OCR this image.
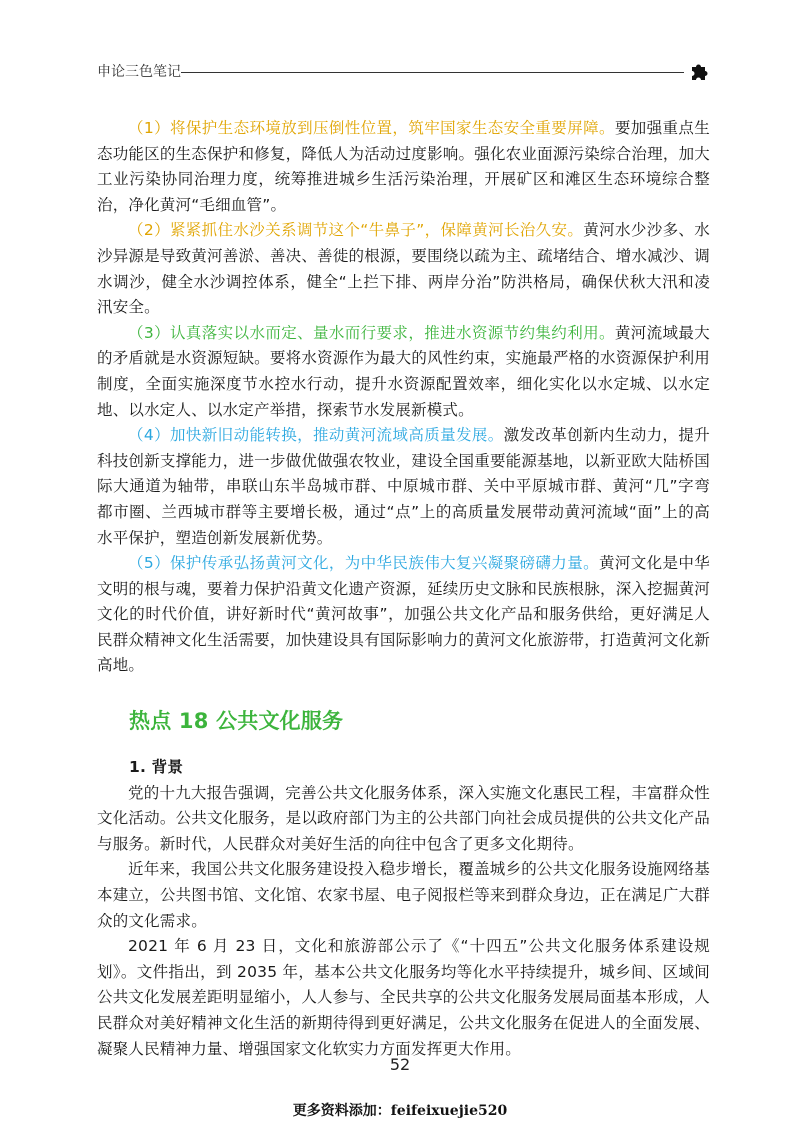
申论三色笔记

（1）将保护生态环境放到压倒性位置，筑牢国家生态安全重要屏障。要加强重点生态功能区的生态保护和修复，降低人为活动过度影响。强化农业面源污染综合治理，加大工业污染协同治理力度，统筹推进城乡生活污染治理，开展矿区和滩区生态环境综合整治，净化黄河“毛细血管”。

（2）紧紧抓住水沙关系调节这个“牛鼻子”，保障黄河长治久安。黄河水少沙多、水沙异源是导致黄河善淤、善决、善徙的根源，要围绕以疏为主、疏堵结合、增水减沙、调水调沙，健全水沙调控体系，健全“上拦下排、两岸分治”防洪格局，确保伏秋大汛和凌汛安全。

（3）认真落实以水而定、量水而行要求，推进水资源节约集约利用。黄河流域最大的矛盾就是水资源短缺。要将水资源作为最大的风性约束，实施最严格的水资源保护利用制度，全面实施深度节水控水行动，提升水资源配置效率，细化实化以水定城、以水定地、以水定人、以水定产举措，探索节水发展新模式。

（4）加快新旧动能转换，推动黄河流域高质量发展。激发改革创新内生动力，提升科技创新支撑能力，进一步做优做强农牧业，建设全国重要能源基地，以新亚欧大陆桥国际大通道为轴带，串联山东半岛城市群、中原城市群、关中平原城市群、黄河“几”字弯都市圈、兰西城市群等主要增长极，通过“点”上的高质量发展带动黄河流域“面”上的高水平保护，塑造创新发展新优势。

（5）保护传承弘扬黄河文化，为中华民族伟大复兴凝聚磅礴力量。黄河文化是中华文明的根与魂，要着力保护沿黄文化遗产资源，延续历史文脉和民族根脉，深入挖掘黄河文化的时代价值，讲好新时代“黄河故事”，加强公共文化产品和服务供给，更好满足人民群众精神文化生活需要，加快建设具有国际影响力的黄河文化旅游带，打造黄河文化新高地。

热点 18 公共文化服务

1. 背景

党的十九大报告强调，完善公共文化服务体系，深入实施文化惠民工程，丰富群众性文化活动。公共文化服务，是以政府部门为主的公共部门向社会成员提供的公共文化产品与服务。新时代，人民群众对美好生活的向往中包含了更多文化期待。

近年来，我国公共文化服务建设投入稳步增长，覆盖城乡的公共文化服务设施网络基本建立，公共图书馆、文化馆、农家书屋、电子阅报栏等来到群众身边，正在满足广大群众的文化需求。

2021 年 6 月 23 日，文化和旅游部公示了《“十四五”公共文化服务体系建设规划》。文件指出，到 2035 年，基本公共文化服务均等化水平持续提升，城乡间、区域间公共文化发展差距明显缩小，人人参与、全民共享的公共文化服务发展局面基本形成，人民群众对美好精神文化生活的新期待得到更好满足，公共文化服务在促进人的全面发展、凝聚人民精神力量、增强国家文化软实力方面发挥更大作用。

52
更多资料添加：feifeixuejie520
